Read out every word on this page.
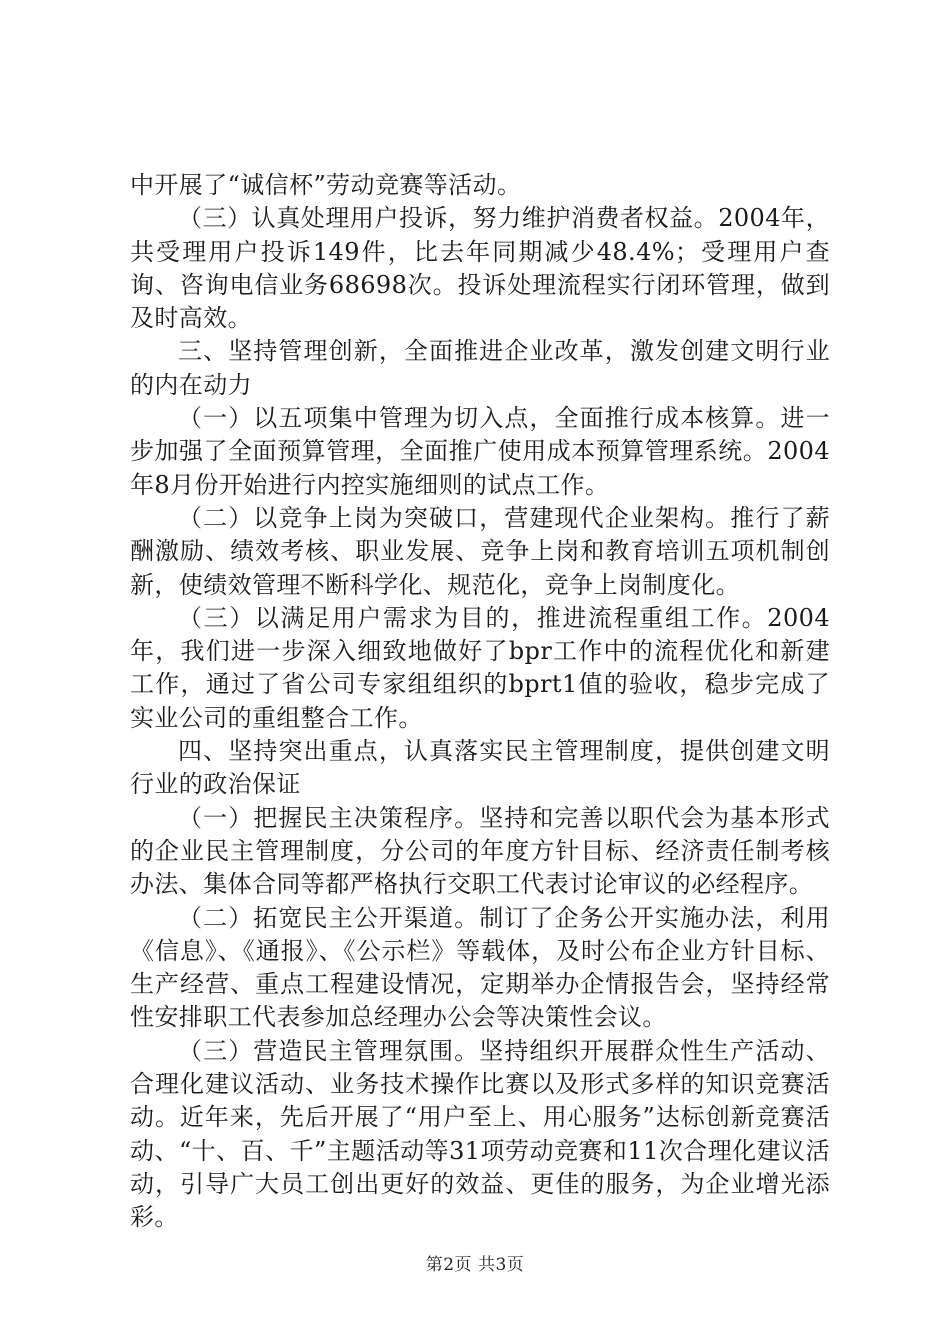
中开展了“诚信杯”劳动竞赛等活动。

（三）认真处理用户投诉，努力维护消费者权益。2004年，共受理用户投诉149件，比去年同期减少48.4%；受理用户查询、咨询电信业务68698次。投诉处理流程实行闭环管理，做到及时高效。

三、坚持管理创新，全面推进企业改革，激发创建文明行业的内在动力

（一）以五项集中管理为切入点，全面推行成本核算。进一步加强了全面预算管理，全面推广使用成本预算管理系统。2004年8月份开始进行内控实施细则的试点工作。

（二）以竞争上岗为突破口，营建现代企业架构。推行了薪酬激励、绩效考核、职业发展、竞争上岗和教育培训五项机制创新，使绩效管理不断科学化、规范化，竞争上岗制度化。

（三）以满足用户需求为目的，推进流程重组工作。2004年，我们进一步深入细致地做好了bpr工作中的流程优化和新建工作，通过了省公司专家组组织的bprt1值的验收，稳步完成了实业公司的重组整合工作。

四、坚持突出重点，认真落实民主管理制度，提供创建文明行业的政治保证

（一）把握民主决策程序。坚持和完善以职代会为基本形式的企业民主管理制度，分公司的年度方针目标、经济责任制考核办法、集体合同等都严格执行交职工代表讨论审议的必经程序。

（二）拓宽民主公开渠道。制订了企务公开实施办法，利用《信息》、《通报》、《公示栏》等载体，及时公布企业方针目标、生产经营、重点工程建设情况，定期举办企情报告会，坚持经常性安排职工代表参加总经理办公会等决策性会议。

（三）营造民主管理氛围。坚持组织开展群众性生产活动、合理化建议活动、业务技术操作比赛以及形式多样的知识竞赛活动。近年来，先后开展了“用户至上、用心服务”达标创新竞赛活动、“十、百、千”主题活动等31项劳动竞赛和11次合理化建议活动，引导广大员工创出更好的效益、更佳的服务，为企业增光添彩。

第2页 共3页
